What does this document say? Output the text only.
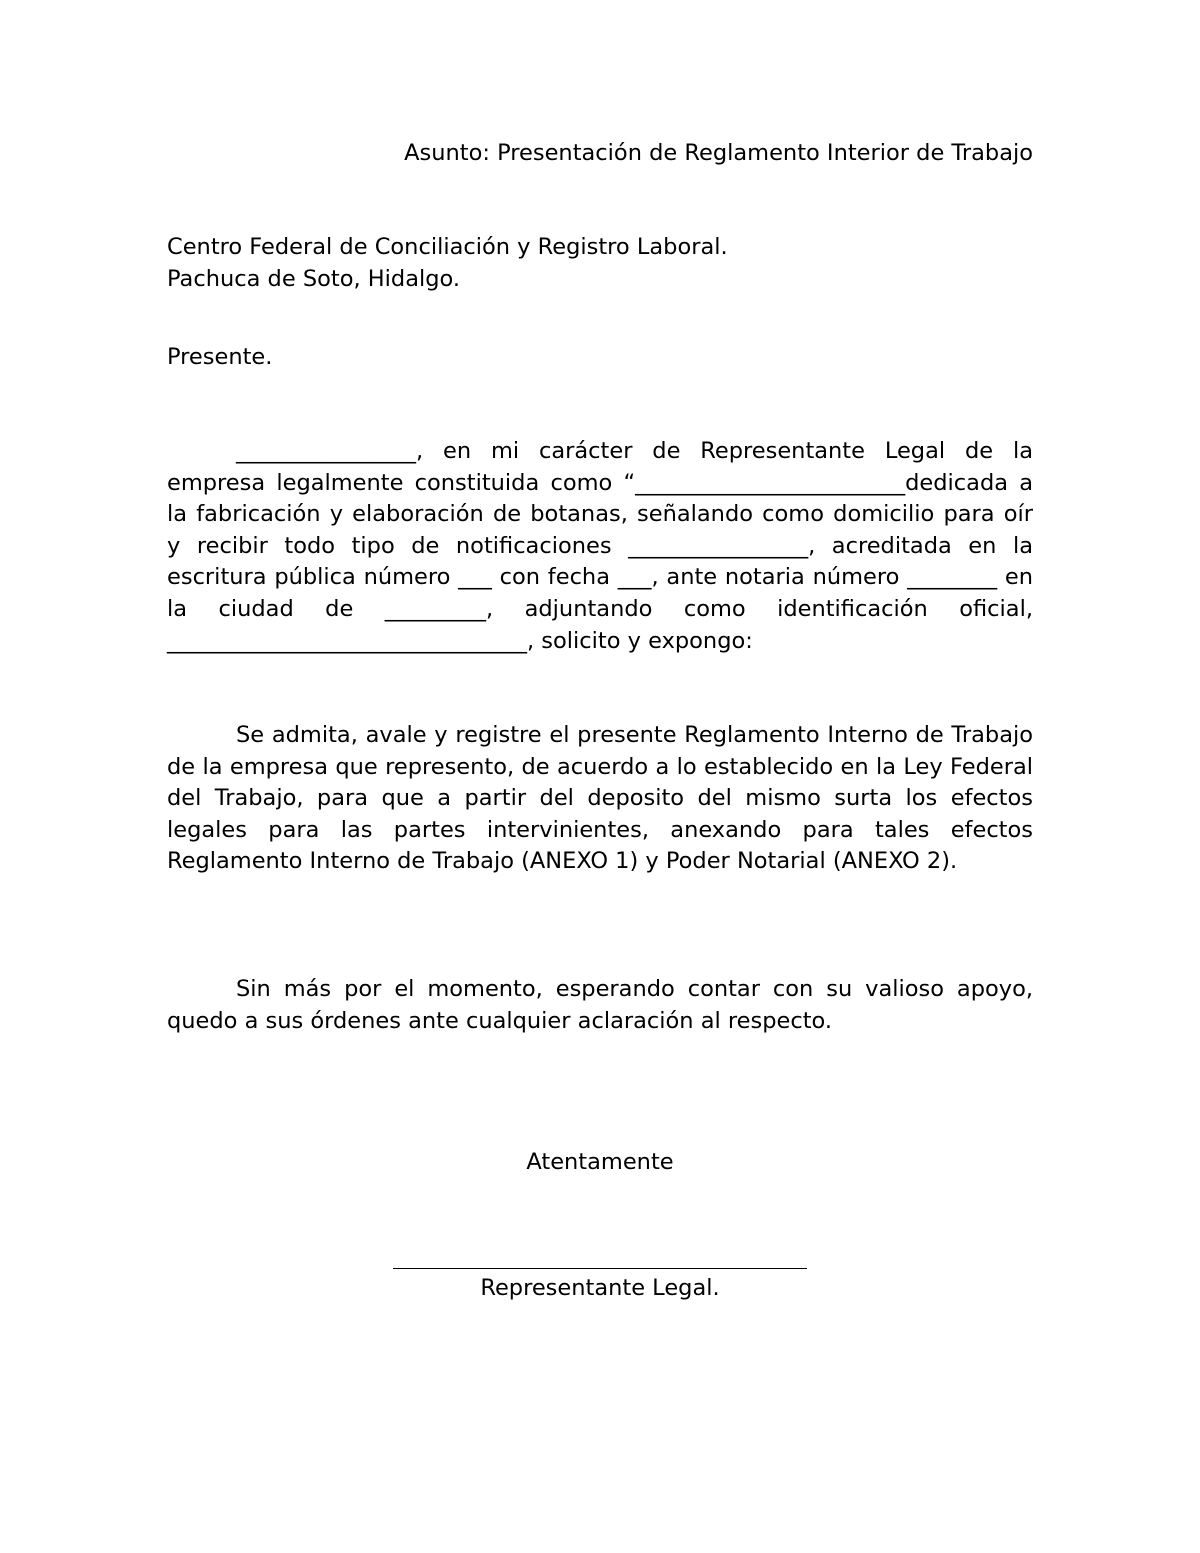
Asunto: Presentación de Reglamento Interior de Trabajo
Centro Federal de Conciliación y Registro Laboral.
Pachuca de Soto, Hidalgo.
Presente.

________________, en mi carácter de Representante Legal de la empresa legalmente constituida como “________________________dedicada a la fabricación y elaboración de botanas, señalando como domicilio para oír y recibir todo tipo de notificaciones ________________, acreditada en la escritura pública número ___ con fecha ___, ante notaria número ________ en la ciudad de _________, adjuntando como identificación oficial, ________________________________, solicito y expongo:

Se admita, avale y registre el presente Reglamento Interno de Trabajo de la empresa que represento, de acuerdo a lo establecido en la Ley Federal del Trabajo, para que a partir del deposito del mismo surta los efectos legales para las partes intervinientes, anexando para tales efectos Reglamento Interno de Trabajo (ANEXO 1) y Poder Notarial (ANEXO 2).

Sin más por el momento, esperando contar con su valioso apoyo, quedo a sus órdenes ante cualquier aclaración al respecto.

Atentamente
Representante Legal.
